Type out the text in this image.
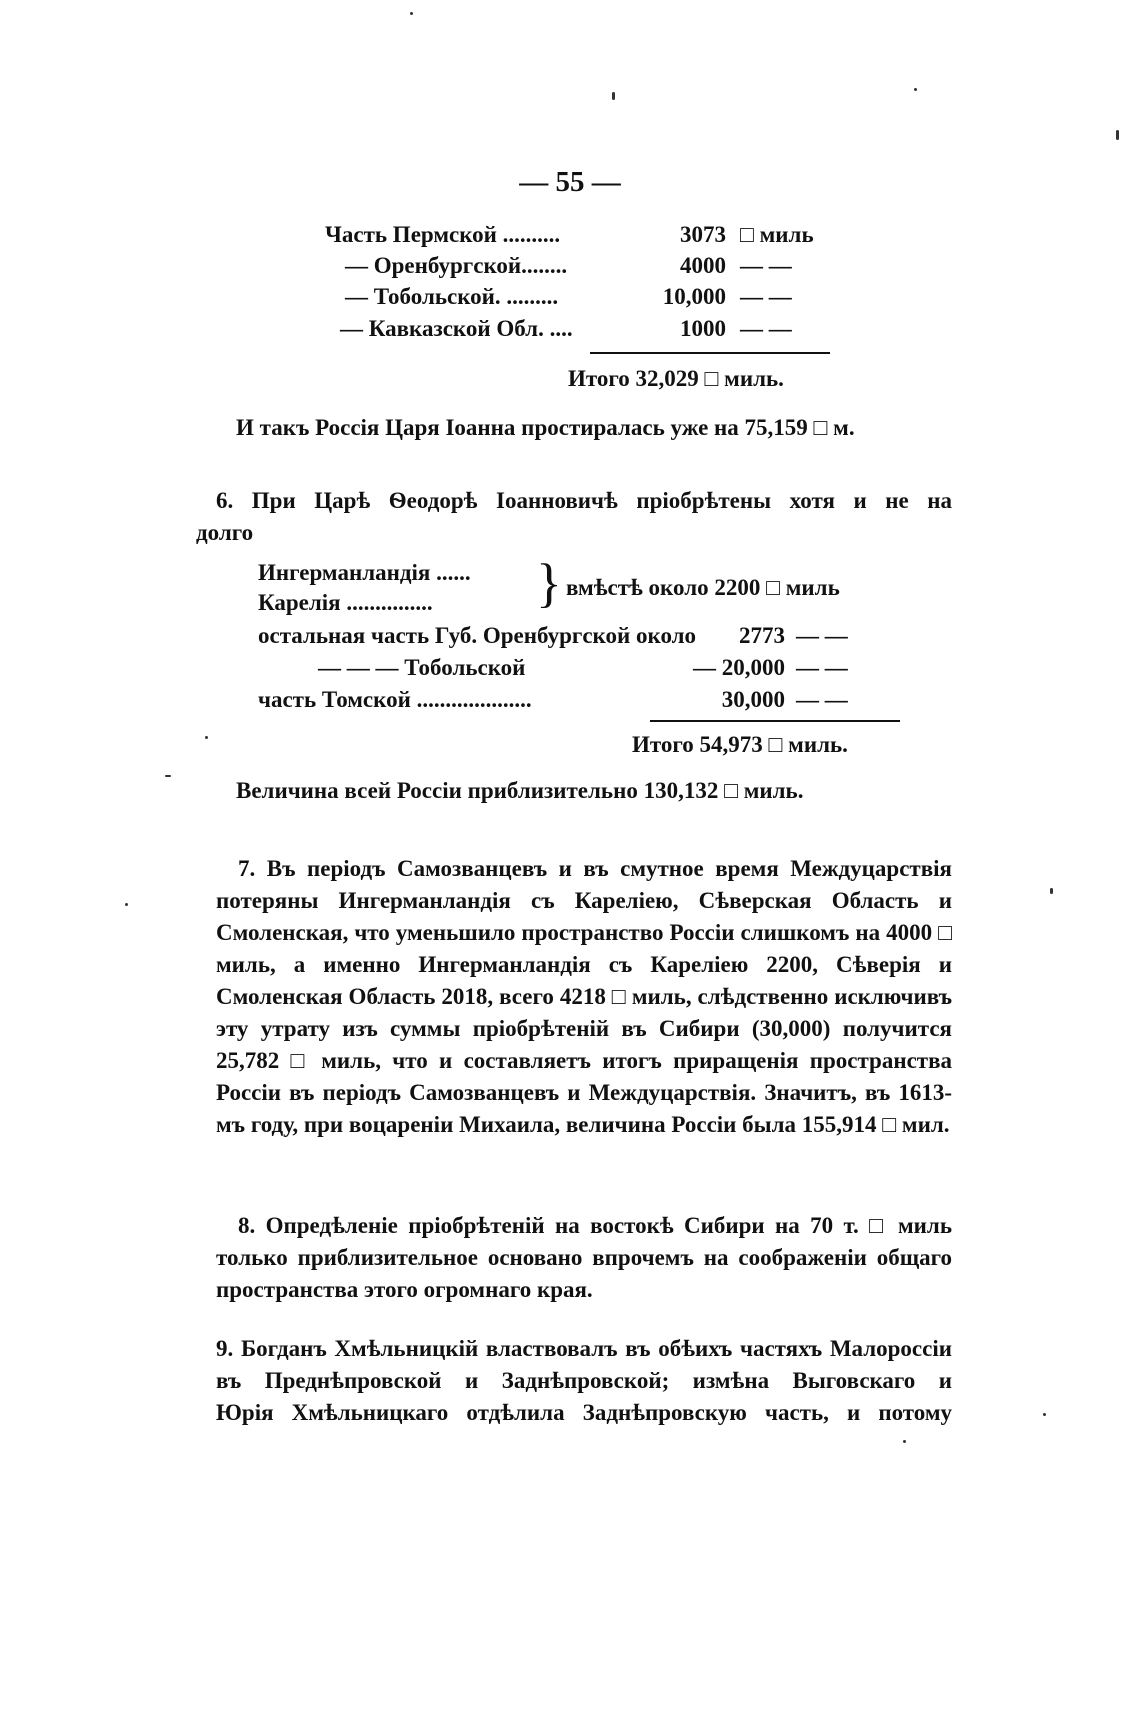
— 55 —
Часть Пермской ..........	3073 □ миль
— Оренбургской........	4000 — —
— Тобольской. .........	10,000 — —
— Кавказской Обл. ....	1000 — —
Итого 32,029 □ миль.
И такъ Россія Царя Іоанна простиралась уже на 75,159 □ м.
6. При Царѣ Ѳеодорѣ Іоанновичѣ пріобрѣтены хотя и не на
долго
Ингерманландія ......
Карелія ............... } вмѣстѣ около 2200 □ миль
остальная часть Губ. Оренбургской около	2773 — —
— — — Тобольской	— 20,000 — —
часть Томской ....................	30,000 — —
Итого 54,973 □ миль.
Величина всей Россіи приблизительно 130,132 □ миль.
7. Въ періодъ Самозванцевъ и въ смутное время Междуцарствія потеряны Ингерманландія съ Кареліею, Сѣверская Область и Смоленская, что уменьшило пространство Россіи слишкомъ на 4000 □ миль, а именно Ингерманландія съ Кареліею 2200, Сѣверія и Смоленская Область 2018, всего 4218 □ миль, слѣдственно исключивъ эту утрату изъ суммы пріобрѣтеній въ Сибири (30,000) получится 25,782 □ миль, что и составляетъ итогъ приращенія пространства Россіи въ періодъ Самозванцевъ и Междуцарствія. Значитъ, въ 1613-мъ году, при воцареніи Михаила, величина Россіи была 155,914 □ мил.
8. Опредѣленіе пріобрѣтеній на востокѣ Сибири на 70 т. □ миль только приблизительное основано впрочемъ на соображеніи общаго пространства этого огромнаго края.
9. Богданъ Хмѣльницкій властвовалъ въ обѣихъ частяхъ Малороссіи
въ Преднѣпровской и Заднѣпровской; измѣна Выговскаго и
Юрія Хмѣльницкаго отдѣлила Заднѣпровскую часть, и потому
